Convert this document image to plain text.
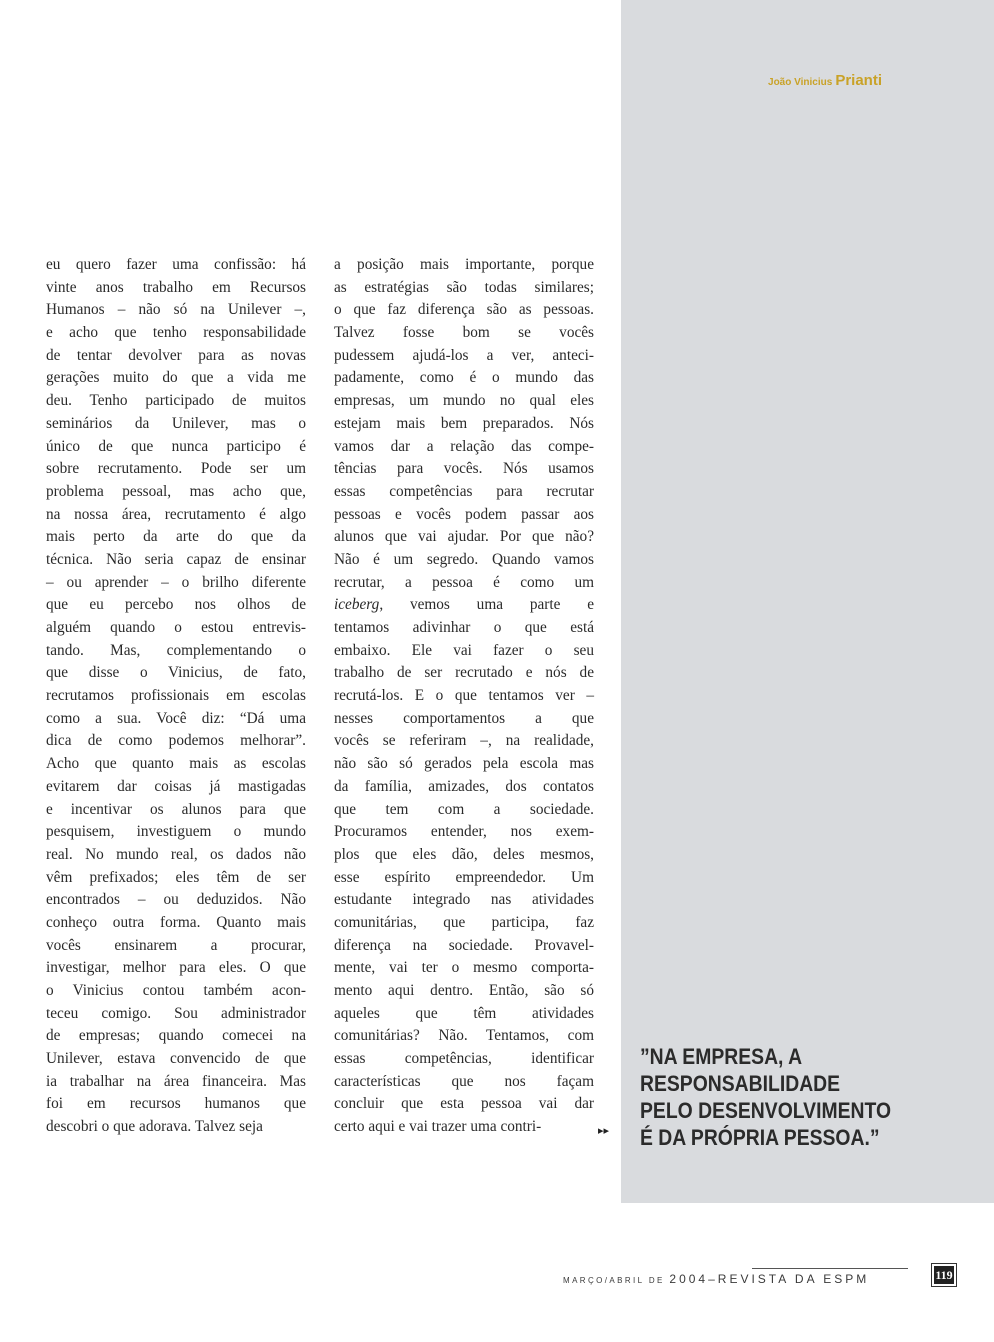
João Vinicius Prianti
eu quero fazer uma confissão: há
vinte anos trabalho em Recursos
Humanos – não só na Unilever –,
e acho que tenho responsabilidade
de tentar devolver para as novas
gerações muito do que a vida me
deu. Tenho participado de muitos
seminários da Unilever, mas o
único de que nunca participo é
sobre recrutamento. Pode ser um
problema pessoal, mas acho que,
na nossa área, recrutamento é algo
mais perto da arte do que da
técnica. Não seria capaz de ensinar
– ou aprender – o brilho diferente
que eu percebo nos olhos de
alguém quando o estou entrevis-
tando. Mas, complementando o
que disse o Vinicius, de fato,
recrutamos profissionais em escolas
como a sua. Você diz: “Dá uma
dica de como podemos melhorar”.
Acho que quanto mais as escolas
evitarem dar coisas já mastigadas
e incentivar os alunos para que
pesquisem, investiguem o mundo
real. No mundo real, os dados não
vêm prefixados; eles têm de ser
encontrados – ou deduzidos. Não
conheço outra forma. Quanto mais
vocês ensinarem a procurar,
investigar, melhor para eles. O que
o Vinicius contou também acon-
teceu comigo. Sou administrador
de empresas; quando comecei na
Unilever, estava convencido de que
ia trabalhar na área financeira. Mas
foi em recursos humanos que
descobri o que adorava. Talvez seja
a posição mais importante, porque
as estratégias são todas similares;
o que faz diferença são as pessoas.
Talvez fosse bom se vocês
pudessem ajudá-los a ver, anteci-
padamente, como é o mundo das
empresas, um mundo no qual eles
estejam mais bem preparados. Nós
vamos dar a relação das compe-
tências para vocês. Nós usamos
essas competências para recrutar
pessoas e vocês podem passar aos
alunos que vai ajudar. Por que não?
Não é um segredo. Quando vamos
recrutar, a pessoa é como um
iceberg, vemos uma parte e
tentamos adivinhar o que está
embaixo. Ele vai fazer o seu
trabalho de ser recrutado e nós de
recrutá-los. E o que tentamos ver –
nesses comportamentos a que
vocês se referiram –, na realidade,
não são só gerados pela escola mas
da família, amizades, dos contatos
que tem com a sociedade.
Procuramos entender, nos exem-
plos que eles dão, deles mesmos,
esse espírito empreendedor. Um
estudante integrado nas atividades
comunitárias, que participa, faz
diferença na sociedade. Provavel-
mente, vai ter o mesmo comporta-
mento aqui dentro. Então, são só
aqueles que têm atividades
comunitárias? Não. Tentamos, com
essas competências, identificar
características que nos façam
concluir que esta pessoa vai dar
certo aqui e vai trazer uma contri-	▸▸
”NA EMPRESA, A
RESPONSABILIDADE
PELO DESENVOLVIMENTO
É DA PRÓPRIA PESSOA.”
MARÇO/ABRIL DE 2004–REVISTA DA ESPM	119
